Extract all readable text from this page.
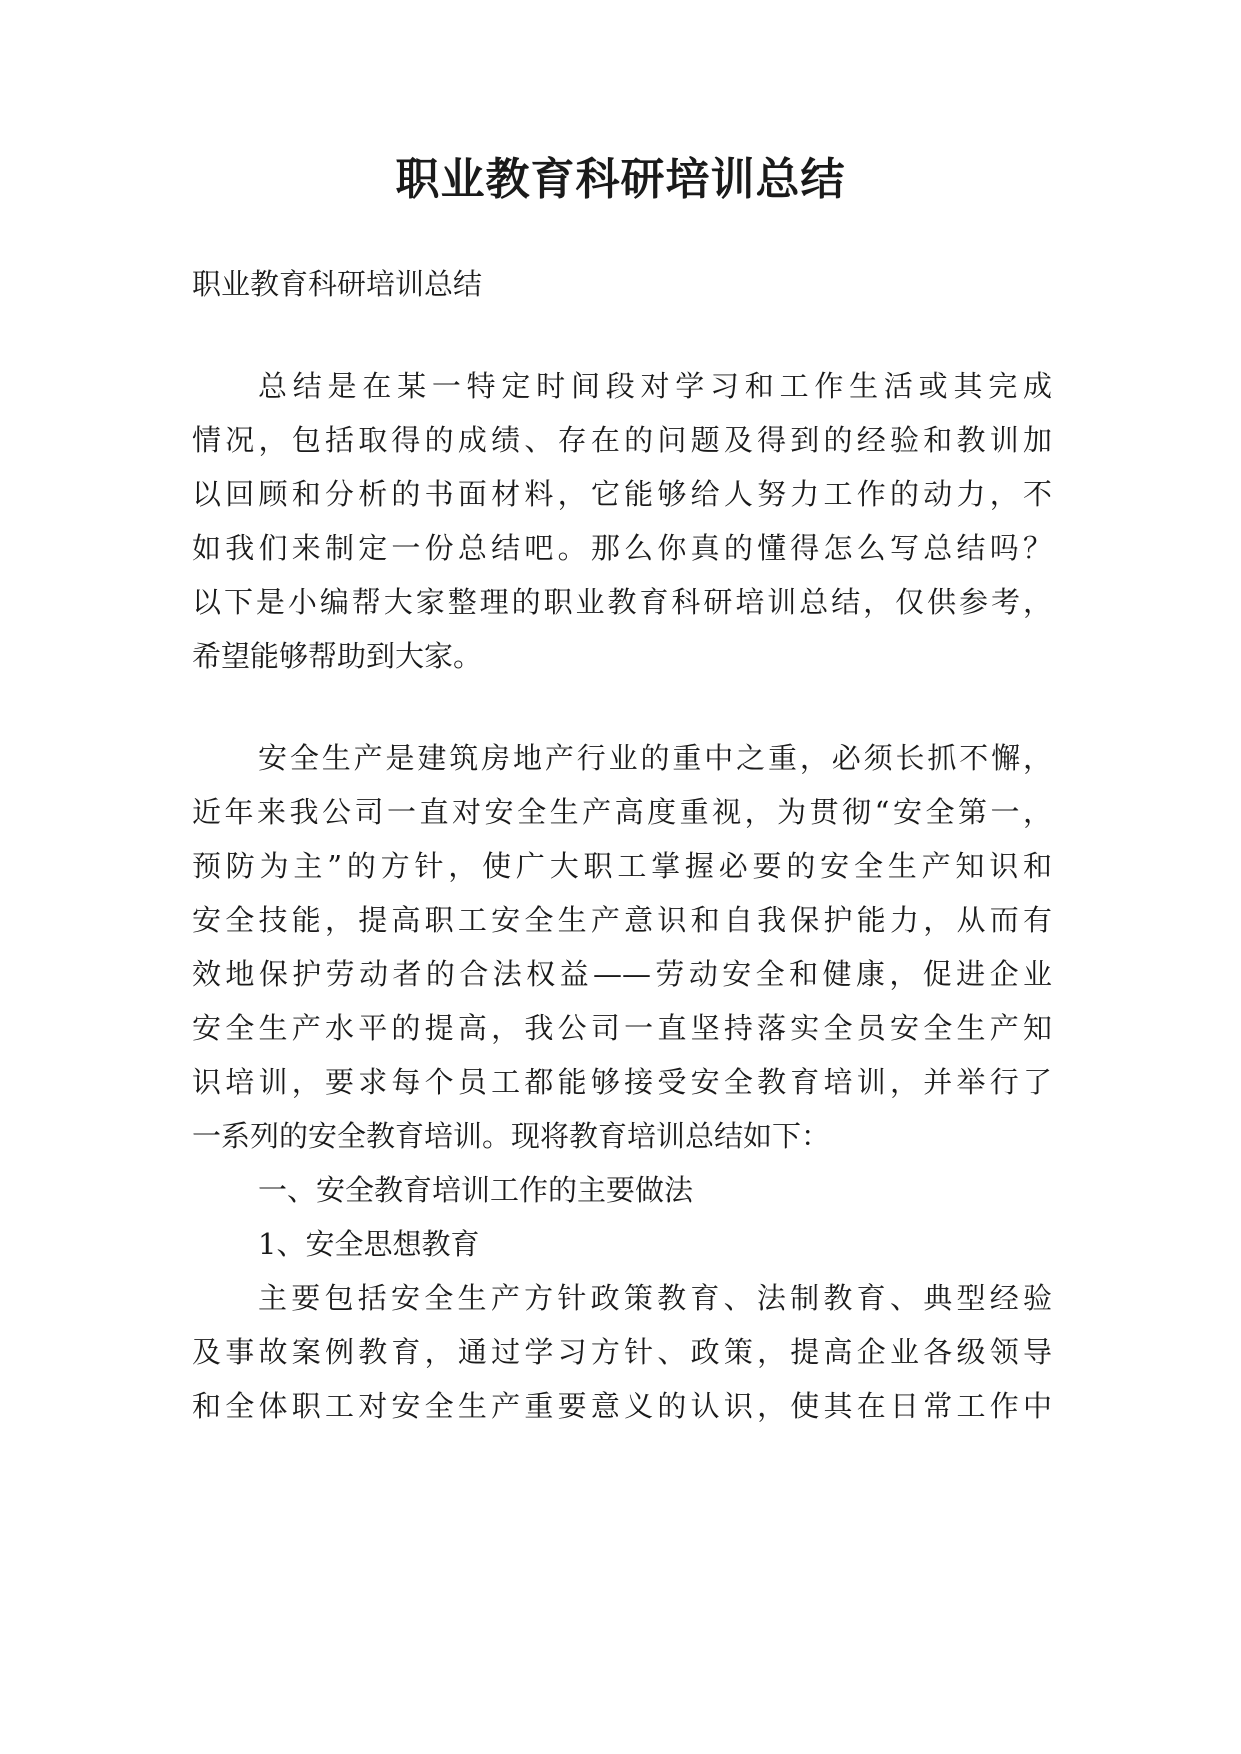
职业教育科研培训总结
职业教育科研培训总结
总结是在某一特定时间段对学习和工作生活或其完成
情况，包括取得的成绩、存在的问题及得到的经验和教训加
以回顾和分析的书面材料，它能够给人努力工作的动力，不
如我们来制定一份总结吧。那么你真的懂得怎么写总结吗？
以下是小编帮大家整理的职业教育科研培训总结，仅供参考，
希望能够帮助到大家。
安全生产是建筑房地产行业的重中之重，必须长抓不懈，
近年来我公司一直对安全生产高度重视，为贯彻“安全第一，
预防为主”的方针，使广大职工掌握必要的安全生产知识和
安全技能，提高职工安全生产意识和自我保护能力，从而有
效地保护劳动者的合法权益——劳动安全和健康，促进企业
安全生产水平的提高，我公司一直坚持落实全员安全生产知
识培训，要求每个员工都能够接受安全教育培训，并举行了
一系列的安全教育培训。现将教育培训总结如下：
一、安全教育培训工作的主要做法
1、安全思想教育
主要包括安全生产方针政策教育、法制教育、典型经验
及事故案例教育，通过学习方针、政策，提高企业各级领导
和全体职工对安全生产重要意义的认识，使其在日常工作中
